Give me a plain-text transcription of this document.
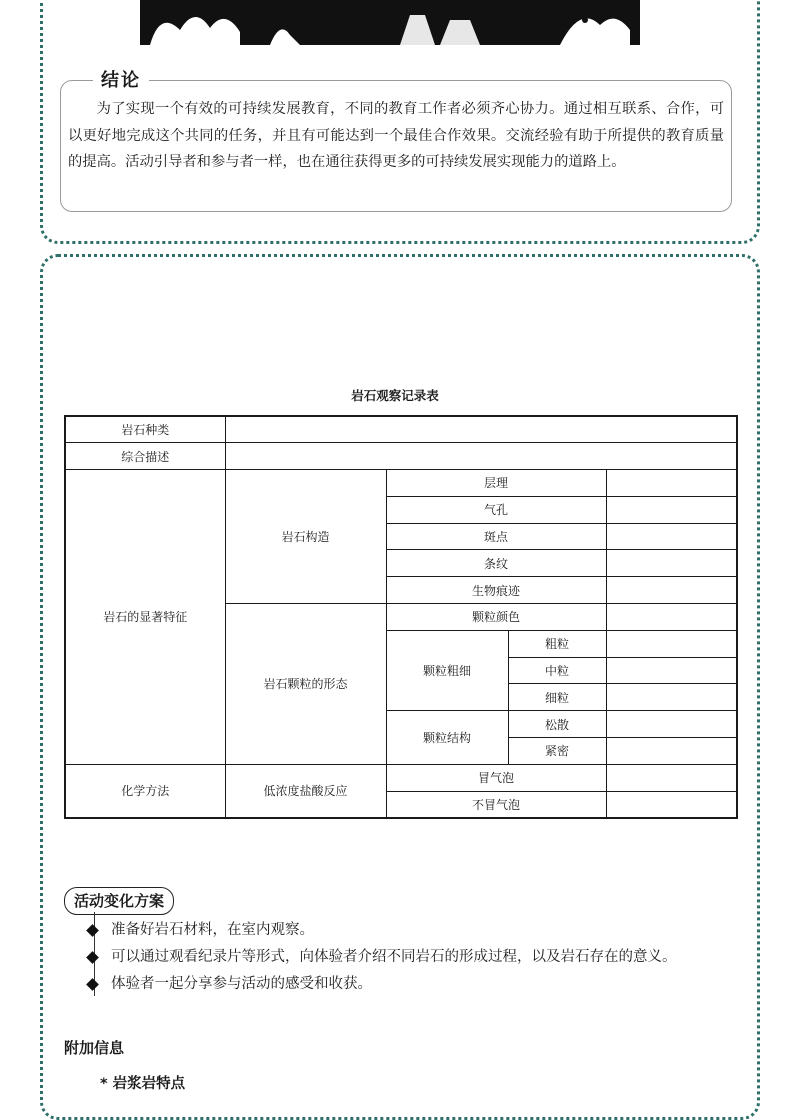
结论
为了实现一个有效的可持续发展教育，不同的教育工作者必须齐心协力。通过相互联系、合作，可以更好地完成这个共同的任务，并且有可能达到一个最佳合作效果。交流经验有助于所提供的教育质量的提高。活动引导者和参与者一样，也在通往获得更多的可持续发展实现能力的道路上。
岩石观察记录表
岩石种类				
综合描述				
岩石的显著特征	岩石构造	层理		
		气孔		
		斑点		
		条纹		
		生物痕迹		
	岩石颗粒的形态	颗粒颜色		
		颗粒粗细	粗粒	
			中粒	
			细粒	
		颗粒结构	松散	
			紧密	
化学方法	低浓度盐酸反应	冒气泡		
		不冒气泡		
活动变化方案
准备好岩石材料，在室内观察。
可以通过观看纪录片等形式，向体验者介绍不同岩石的形成过程，以及岩石存在的意义。
体验者一起分享参与活动的感受和收获。
附加信息
* 岩浆岩特点
